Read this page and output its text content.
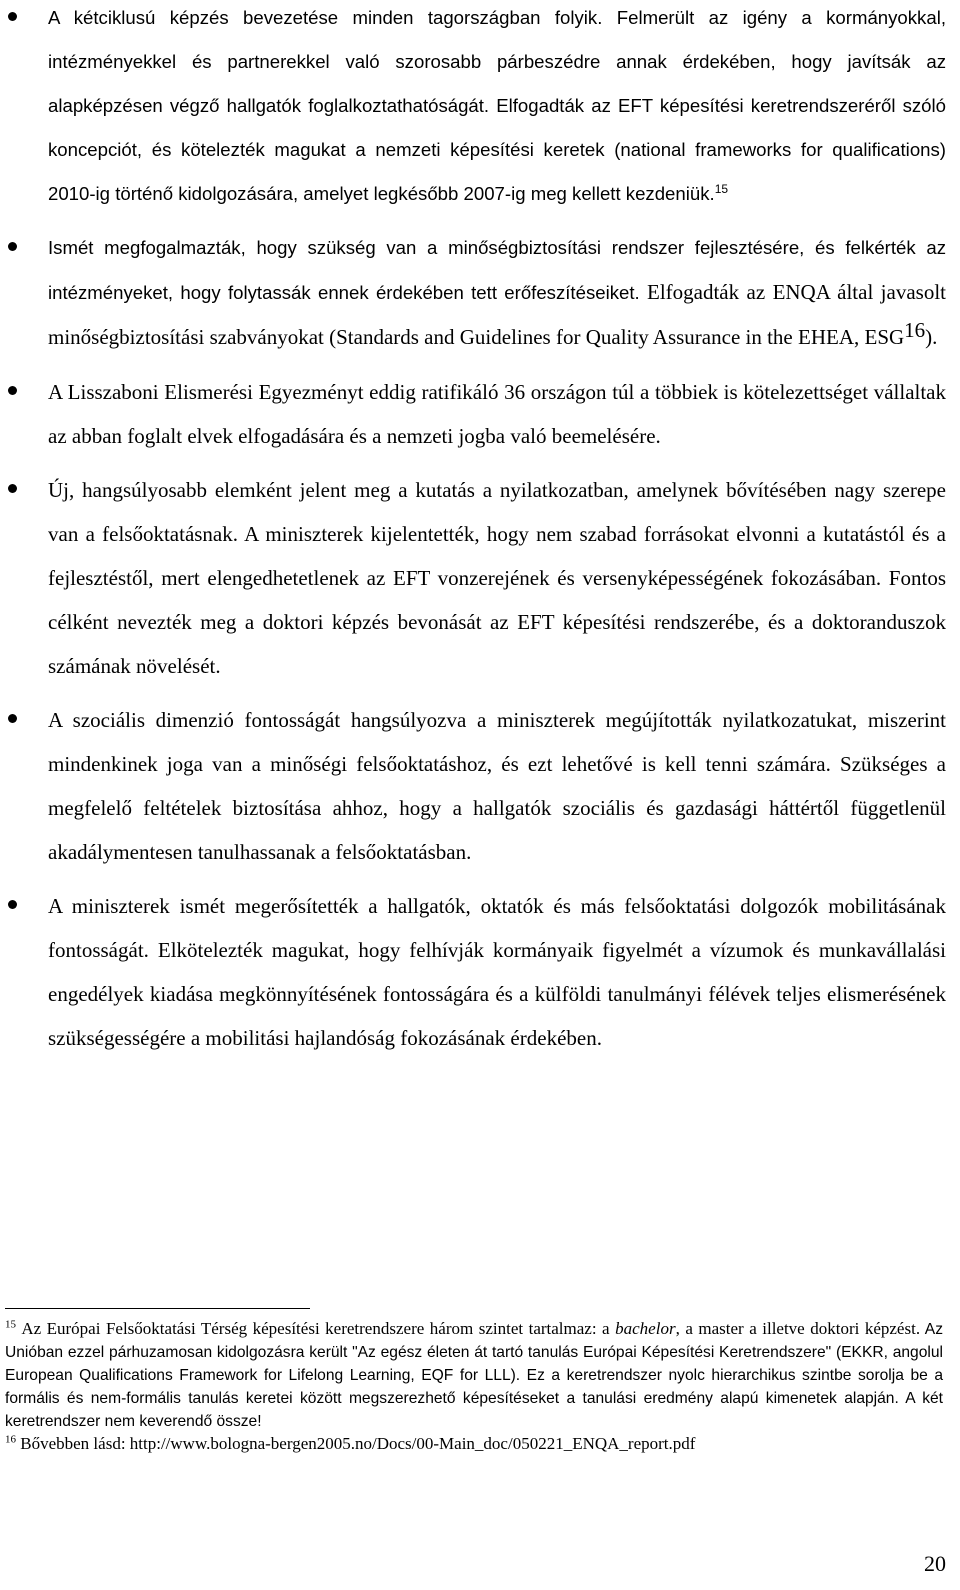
A kétciklusú képzés bevezetése minden tagországban folyik. Felmerült az igény a kormányokkal, intézményekkel és partnerekkel való szorosabb párbeszédre annak érdekében, hogy javítsák az alapképzésen végző hallgatók foglalkoztathatóságát. Elfogadták az EFT képesítési keretrendszeréről szóló koncepciót, és kötelezték magukat a nemzeti képesítési keretek (national frameworks for qualifications) 2010-ig történő kidolgozására, amelyet legkésőbb 2007-ig meg kellett kezdeniük.$^{15}$
Ismét megfogalmazták, hogy szükség van a minőségbiztosítási rendszer fejlesztésére, és felkérték az intézményeket, hogy folytassák ennek érdekében tett erőfeszítéseiket. Elfogadták az ENQA által javasolt minőségbiztosítási szabványokat (Standards and Guidelines for Quality Assurance in the EHEA, ESG$^{16}$).
A Lisszaboni Elismerési Egyezményt eddig ratifikáló 36 országon túl a többiek is kötelezettséget vállaltak az abban foglalt elvek elfogadására és a nemzeti jogba való beemelésére.
Új, hangsúlyosabb elemként jelent meg a kutatás a nyilatkozatban, amelynek bővítésében nagy szerepe van a felsőoktatásnak. A miniszterek kijelentették, hogy nem szabad forrásokat elvonni a kutatástól és a fejlesztéstől, mert elengedhetetlenek az EFT vonzerejének és versenyképességének fokozásában. Fontos célként nevezték meg a doktori képzés bevonását az EFT képesítési rendszerébe, és a doktoranduszok számának növelését.
A szociális dimenzió fontosságát hangsúlyozva a miniszterek megújították nyilatkozatukat, miszerint mindenkinek joga van a minőségi felsőoktatáshoz, és ezt lehetővé is kell tenni számára. Szükséges a megfelelő feltételek biztosítása ahhoz, hogy a hallgatók szociális és gazdasági háttértől függetlenül akadálymentesen tanulhassanak a felsőoktatásban.
A miniszterek ismét megerősítették a hallgatók, oktatók és más felsőoktatási dolgozók mobilitásának fontosságát. Elkötelezték magukat, hogy felhívják kormányaik figyelmét a vízumok és munkavállalási engedélyek kiadása megkönnyítésének fontosságára és a külföldi tanulmányi félévek teljes elismerésének szükségességére a mobilitási hajlandóság fokozásának érdekében.

$^{15}$ Az Európai Felsőoktatási Térség képesítési keretrendszere három szintet tartalmaz: a bachelor, a master a illetve doktori képzést. Az Unióban ezzel párhuzamosan kidolgozásra került "Az egész életen át tartó tanulás Európai Képesítési Keretrendszere" (EKKR, angolul European Qualifications Framework for Lifelong Learning, EQF for LLL). Ez a keretrendszer nyolc hierarchikus szintbe sorolja be a formális és nem-formális tanulás keretei között megszerezhető képesítéseket a tanulási eredmény alapú kimenetek alapján. A két keretrendszer nem keverendő össze!

$^{16}$ Bővebben lásd: http://www.bologna-bergen2005.no/Docs/00-Main_doc/050221_ENQA_report.pdf

20
